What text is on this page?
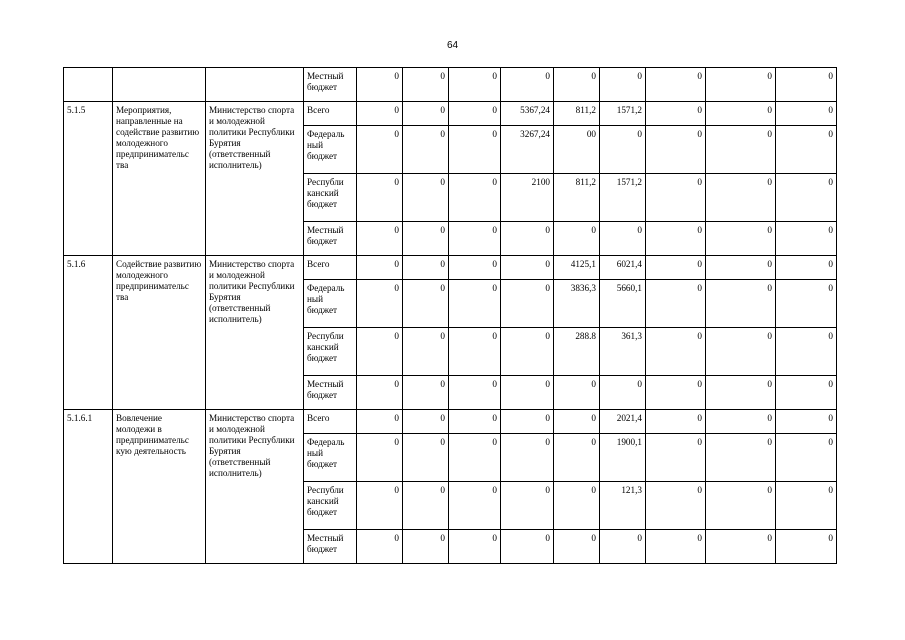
64
			Местный бюджет	0	0	0	0	0	0	0	0	0
5.1.5	Мероприятия, направленные на содействие развитию молодежного предпринимательс тва	Министерство спорта и молодежной политики Республики Бурятия (ответственный исполнитель)	Всего	0	0	0	5367,24	811,2	1571,2	0	0	0
			Федераль ный бюджет	0	0	0	3267,24	00	0	0	0	0
			Республи канский бюджет	0	0	0	2100	811,2	1571,2	0	0	0
			Местный бюджет	0	0	0	0	0	0	0	0	0
5.1.6	Содействие развитию молодежного предпринимательс тва	Министерство спорта и молодежной политики Республики Бурятия (ответственный исполнитель)	Всего	0	0	0	0	4125,1	6021,4	0	0	0
			Федераль ный бюджет	0	0	0	0	3836,3	5660,1	0	0	0
			Республи канский бюджет	0	0	0	0	288.8	361,3	0	0	0
			Местный бюджет	0	0	0	0	0	0	0	0	0
5.1.6.1	Вовлечение молодежи в предпринимательс кую деятельность	Министерство спорта и молодежной политики Республики Бурятия (ответственный исполнитель)	Всего	0	0	0	0	0	2021,4	0	0	0
			Федераль ный бюджет	0	0	0	0	0	1900,1	0	0	0
			Республи канский бюджет	0	0	0	0	0	121,3	0	0	0
			Местный бюджет	0	0	0	0	0	0	0	0	0
